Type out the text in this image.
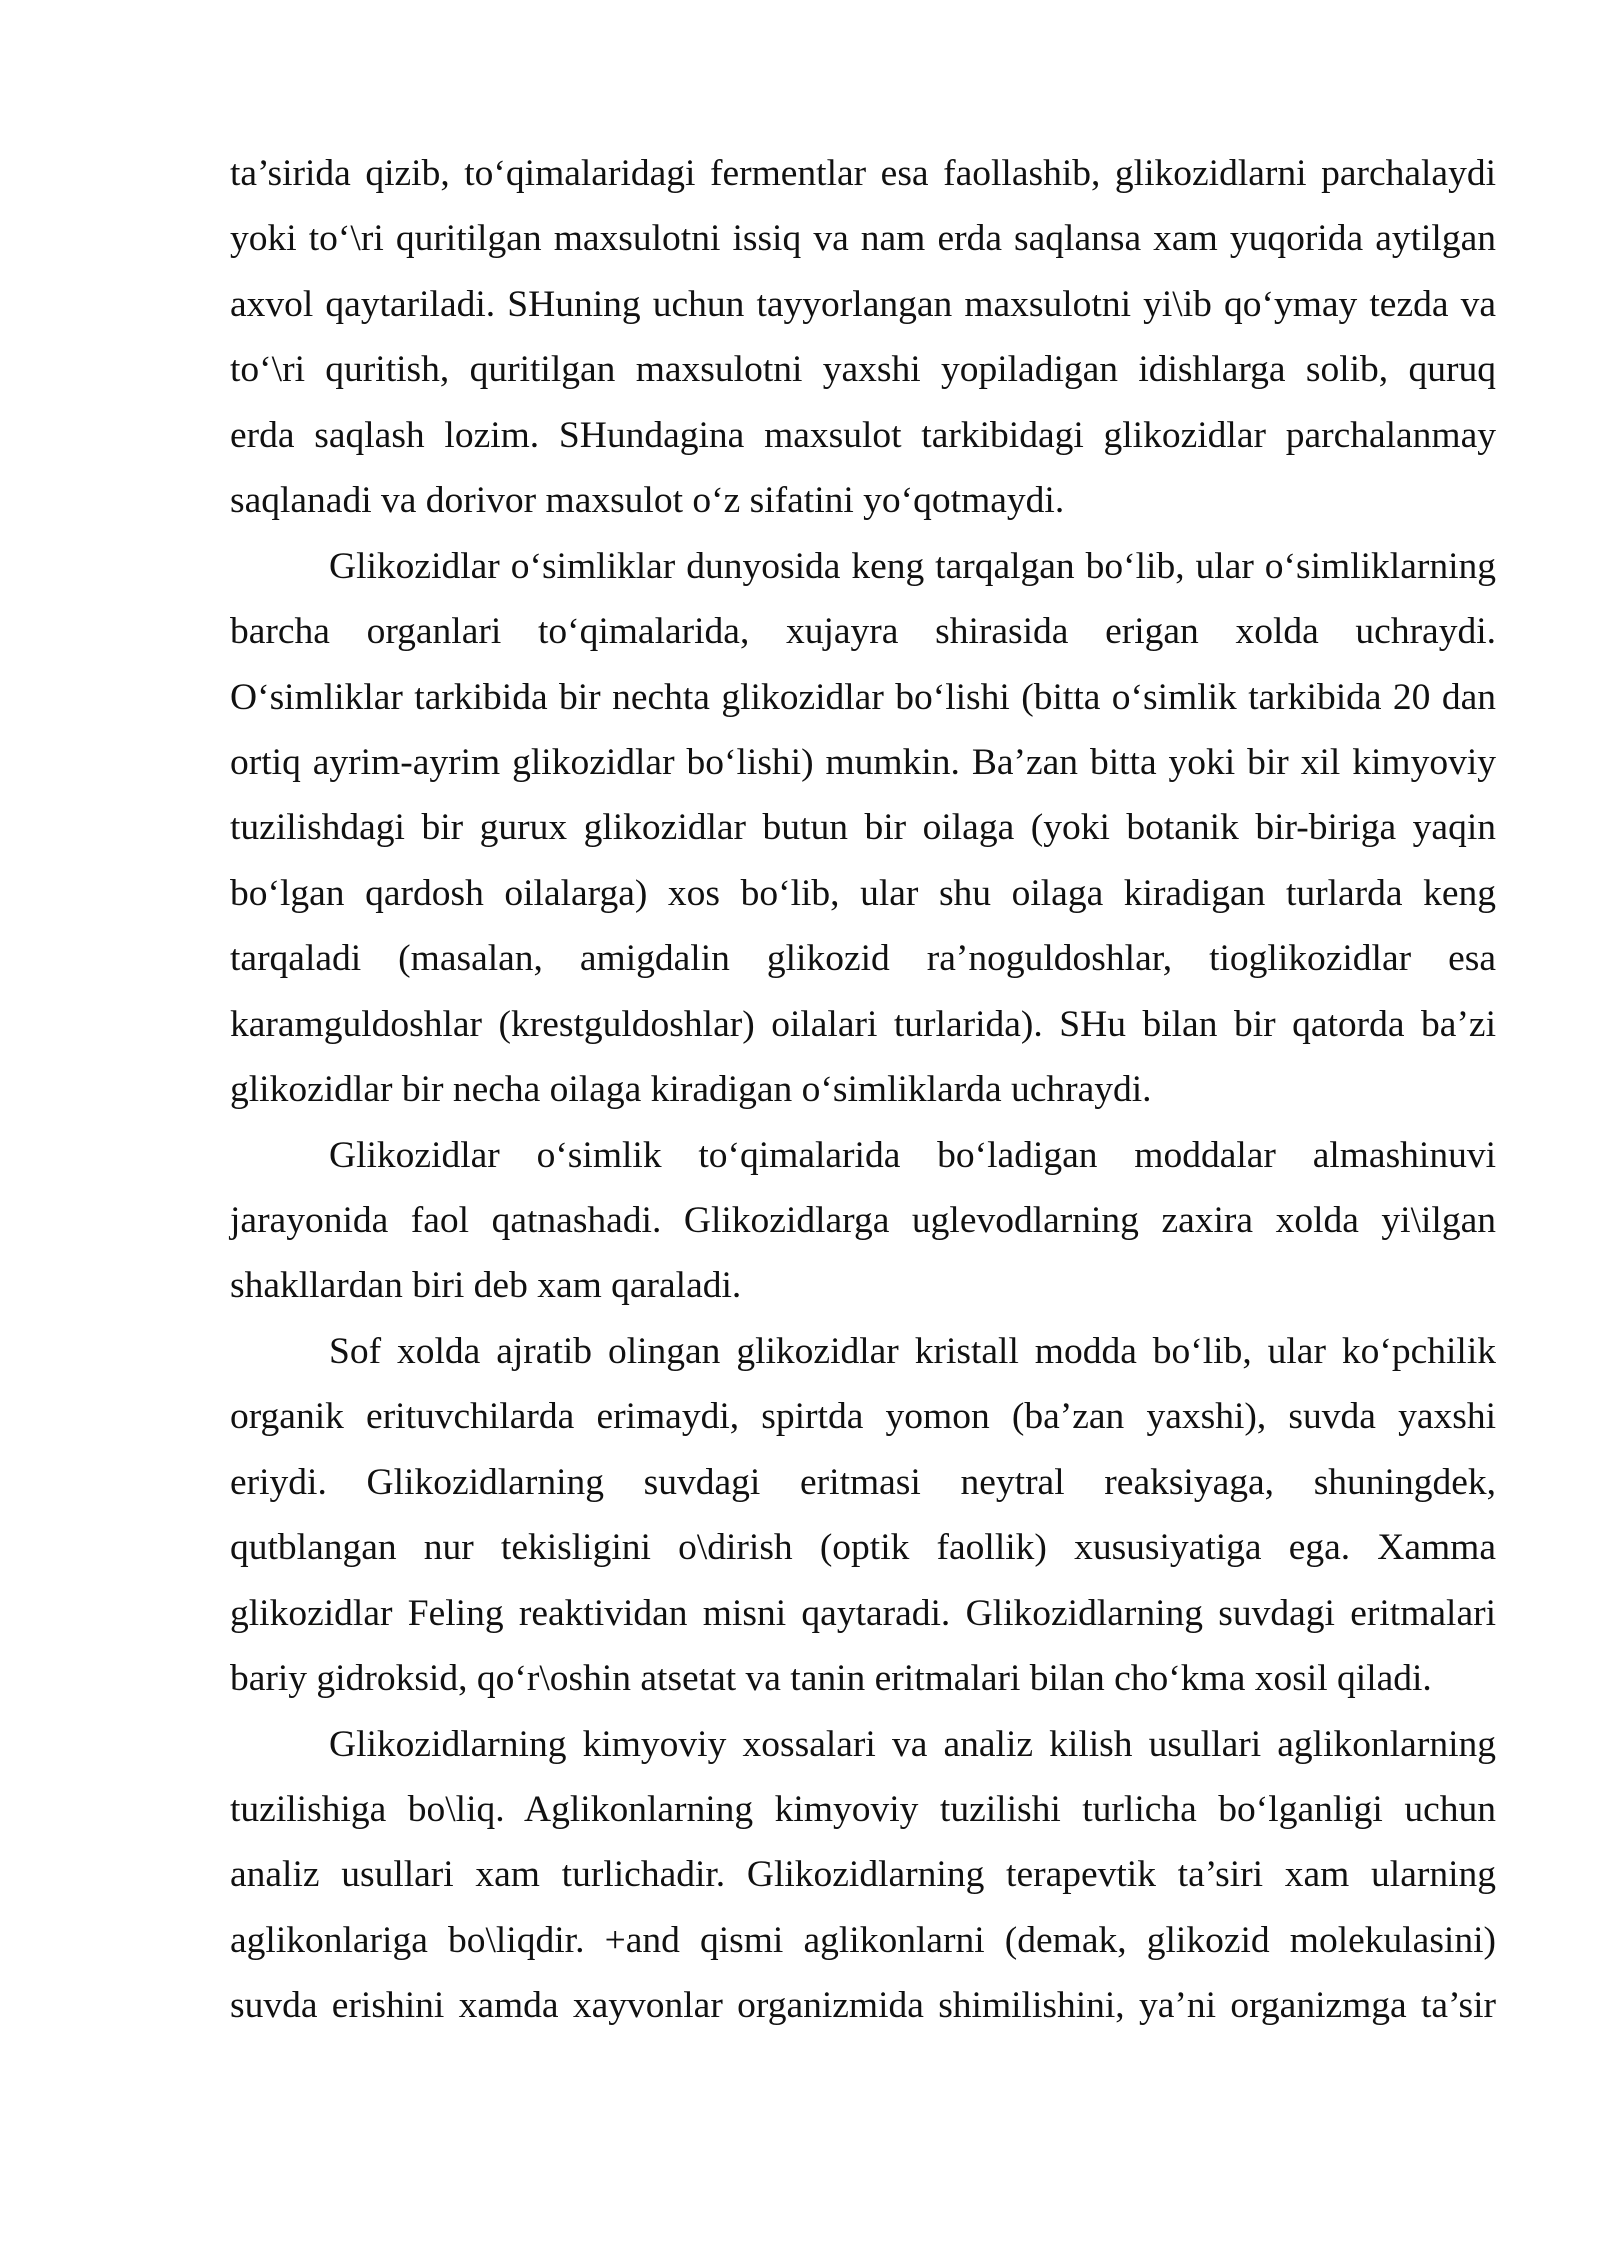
ta’sirida qizib, to‘qimalaridagi fermentlar esa faollashib, glikozidlarni parchalaydi
yoki to‘\ri quritilgan maxsulotni issiq va nam erda saqlansa xam yuqorida aytilgan
axvol qaytariladi. SHuning uchun tayyorlangan maxsulotni yi\ib qo‘ymay tezda va
to‘\ri quritish, quritilgan maxsulotni yaxshi yopiladigan idishlarga solib, quruq
erda saqlash lozim. SHundagina maxsulot tarkibidagi glikozidlar parchalanmay
saqlanadi va dorivor maxsulot o‘z sifatini yo‘qotmaydi.
Glikozidlar o‘simliklar dunyosida keng tarqalgan bo‘lib, ular o‘simliklarning
barcha organlari to‘qimalarida, xujayra shirasida erigan xolda uchraydi.
O‘simliklar tarkibida bir nechta glikozidlar bo‘lishi (bitta o‘simlik tarkibida 20 dan
ortiq ayrim-ayrim glikozidlar bo‘lishi) mumkin. Ba’zan bitta yoki bir xil kimyoviy
tuzilishdagi bir gurux glikozidlar butun bir oilaga (yoki botanik bir-biriga yaqin
bo‘lgan qardosh oilalarga) xos bo‘lib, ular shu oilaga kiradigan turlarda keng
tarqaladi (masalan, amigdalin glikozid ra’noguldoshlar, tioglikozidlar esa
karamguldoshlar (krestguldoshlar) oilalari turlarida). SHu bilan bir qatorda ba’zi
glikozidlar bir necha oilaga kiradigan o‘simliklarda uchraydi.
Glikozidlar o‘simlik to‘qimalarida bo‘ladigan moddalar almashinuvi
jarayonida faol qatnashadi. Glikozidlarga uglevodlarning zaxira xolda yi\ilgan
shakllardan biri deb xam qaraladi.
Sof xolda ajratib olingan glikozidlar kristall modda bo‘lib, ular ko‘pchilik
organik erituvchilarda erimaydi, spirtda yomon (ba’zan yaxshi), suvda yaxshi
eriydi. Glikozidlarning suvdagi eritmasi neytral reaksiyaga, shuningdek,
qutblangan nur tekisligini o\dirish (optik faollik) xususiyatiga ega. Xamma
glikozidlar Feling reaktividan misni qaytaradi. Glikozidlarning suvdagi eritmalari
bariy gidroksid, qo‘r\oshin atsetat va tanin eritmalari bilan cho‘kma xosil qiladi.
Glikozidlarning kimyoviy xossalari va analiz kilish usullari aglikonlarning
tuzilishiga bo\liq. Aglikonlarning kimyoviy tuzilishi turlicha bo‘lganligi uchun
analiz usullari xam turlichadir. Glikozidlarning terapevtik ta’siri xam ularning
aglikonlariga bo\liqdir. +and qismi aglikonlarni (demak, glikozid molekulasini)
suvda erishini xamda xayvonlar organizmida shimilishini, ya’ni organizmga ta’sir
